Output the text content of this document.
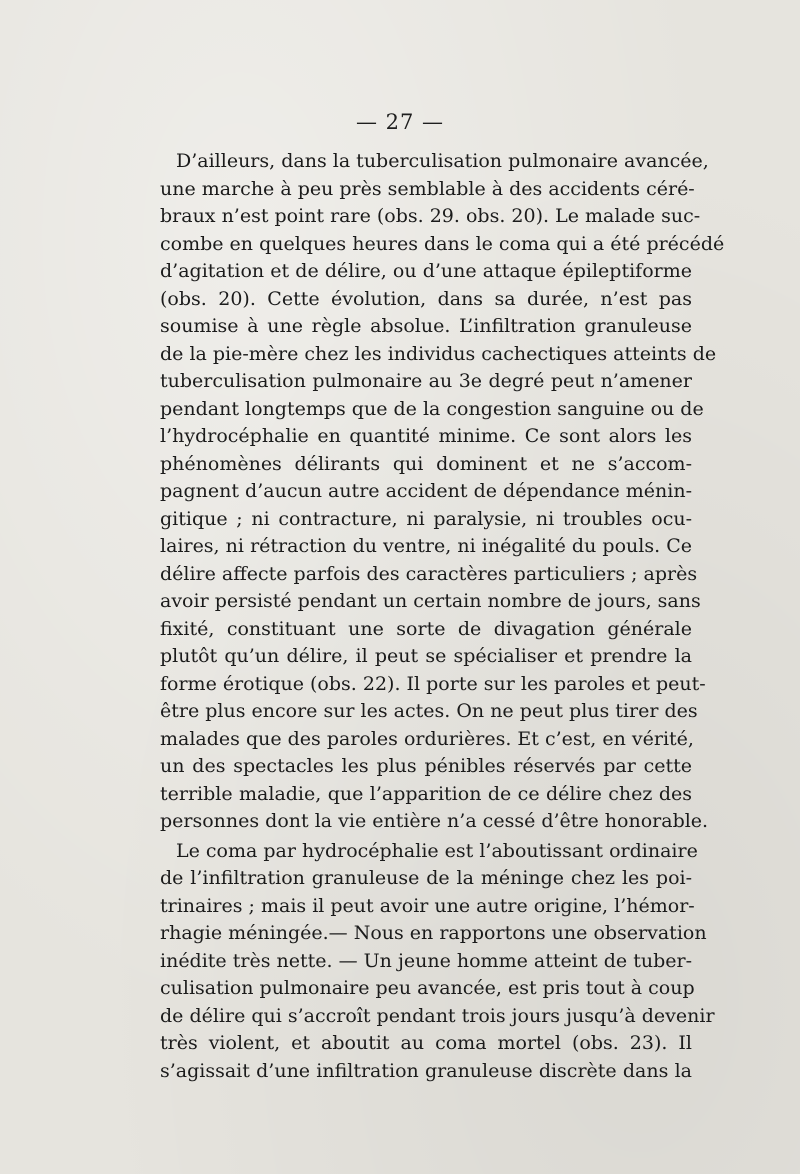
— 27 —
D’ailleurs, dans la tuberculisation pulmonaire avancée,
une marche à peu près semblable à des accidents céré-
braux n’est point rare (obs. 29. obs. 20). Le malade suc-
combe en quelques heures dans le coma qui a été précédé
d’agitation et de délire, ou d’une attaque épileptiforme
(obs. 20). Cette évolution, dans sa durée, n’est pas
soumise à une règle absolue. L’infiltration granuleuse
de la pie-mère chez les individus cachectiques atteints de
tuberculisation pulmonaire au 3e degré peut n’amener
pendant longtemps que de la congestion sanguine ou de
l’hydrocéphalie en quantité minime. Ce sont alors les
phénomènes délirants qui dominent et ne s’accom-
pagnent d’aucun autre accident de dépendance ménin-
gitique ; ni contracture, ni paralysie, ni troubles ocu-
laires, ni rétraction du ventre, ni inégalité du pouls. Ce
délire affecte parfois des caractères particuliers ; après
avoir persisté pendant un certain nombre de jours, sans
fixité, constituant une sorte de divagation générale
plutôt qu’un délire, il peut se spécialiser et prendre la
forme érotique (obs. 22). Il porte sur les paroles et peut-
être plus encore sur les actes. On ne peut plus tirer des
malades que des paroles ordurières. Et c’est, en vérité,
un des spectacles les plus pénibles réservés par cette
terrible maladie, que l’apparition de ce délire chez des
personnes dont la vie entière n’a cessé d’être honorable.
Le coma par hydrocéphalie est l’aboutissant ordinaire
de l’infiltration granuleuse de la méninge chez les poi-
trinaires ; mais il peut avoir une autre origine, l’hémor-
rhagie méningée.— Nous en rapportons une observation
inédite très nette. — Un jeune homme atteint de tuber-
culisation pulmonaire peu avancée, est pris tout à coup
de délire qui s’accroît pendant trois jours jusqu’à devenir
très violent, et aboutit au coma mortel (obs. 23). Il
s’agissait d’une infiltration granuleuse discrète dans la
